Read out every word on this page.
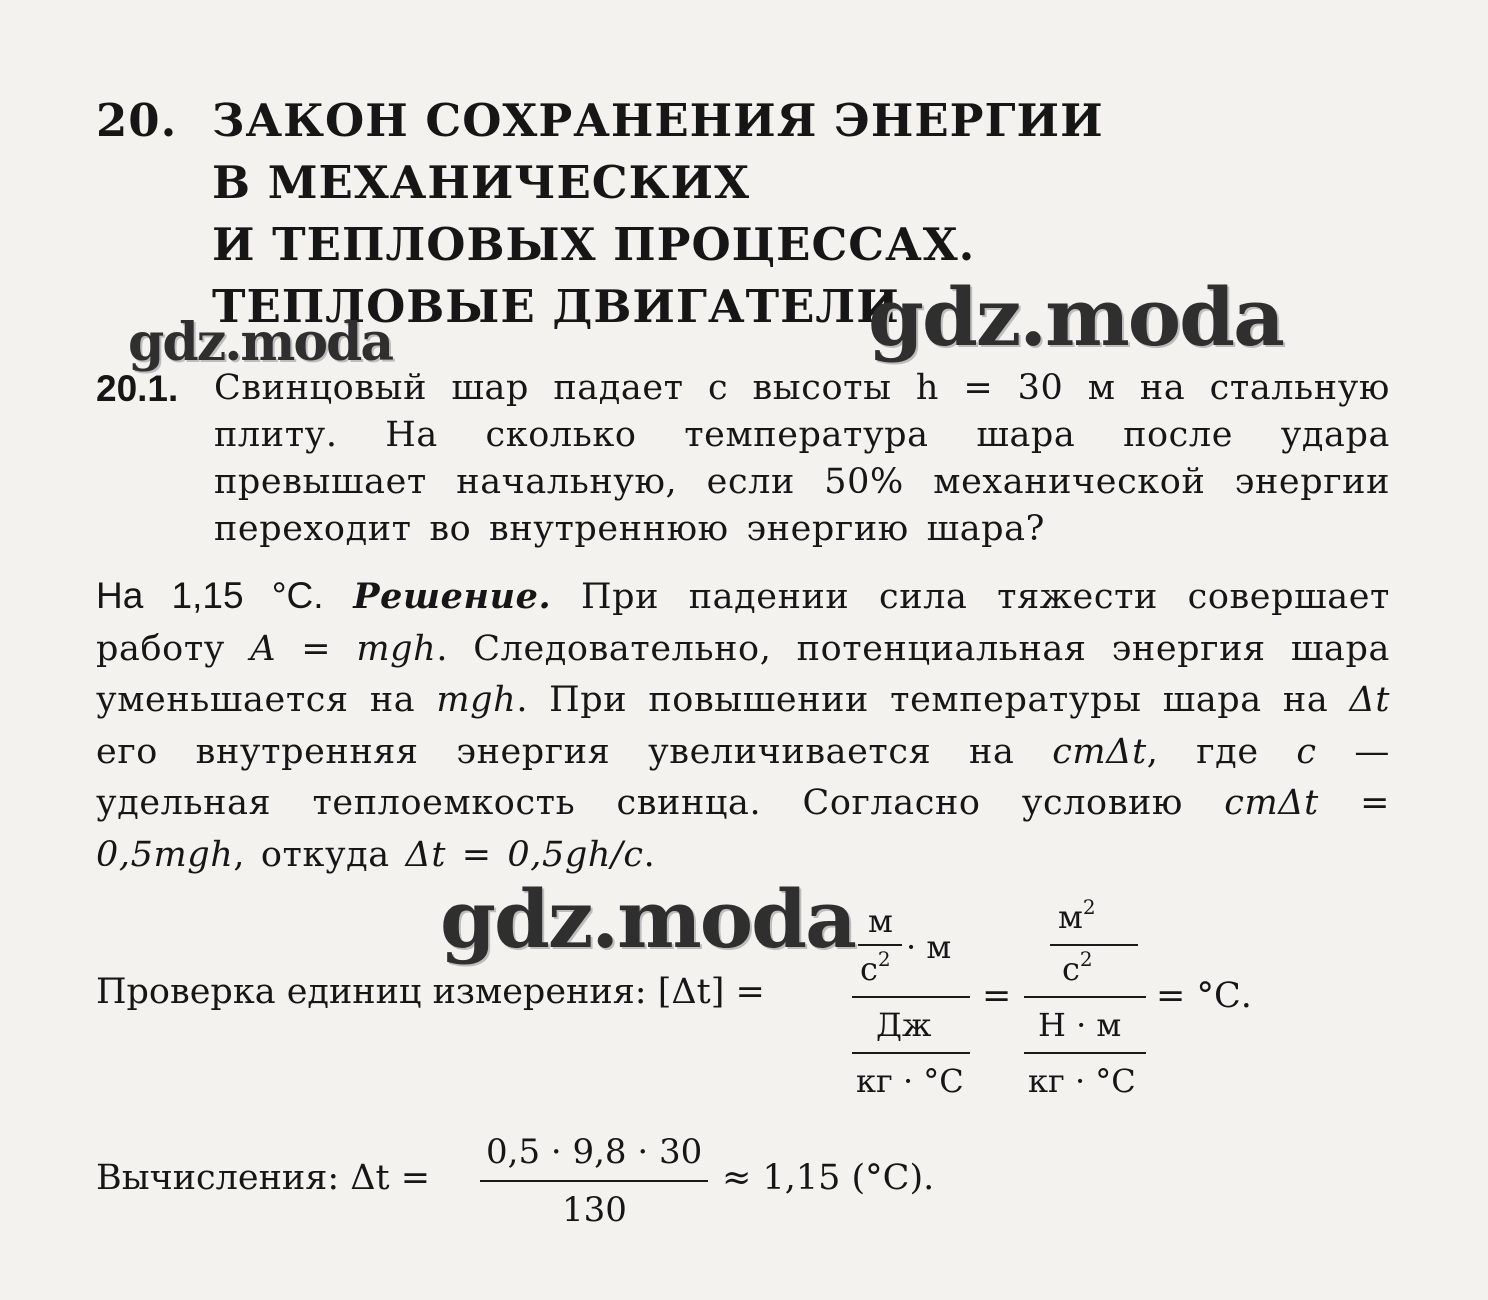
20. ЗАКОН СОХРАНЕНИЯ ЭНЕРГИИ
В МЕХАНИЧЕСКИХ
И ТЕПЛОВЫХ ПРОЦЕССАХ.
ТЕПЛОВЫЕ ДВИГАТЕЛИ
gdz.moda	gdz.moda
20.1. Свинцовый шар падает с высоты h = 30 м на стальную плиту. На сколько температура шара после удара превышает начальную, если 50% механической энергии переходит во внутреннюю энергию шара?
На 1,15 °С. Решение. При падении сила тяжести совершает работу A = mgh. Следовательно, потенциальная энергия шара уменьшается на mgh. При повышении температуры шара на Δt его внутренняя энергия увеличивается на cmΔt, где c — удельная теплоемкость свинца. Согласно условию cmΔt = 0,5mgh, откуда Δt = 0,5gh/c.
gdz.moda
Проверка единиц измерения: [Δt] =
м
$с^2 \cdot м$
Дж
кг · °С
=
$м^2$
$с^2$
Н · м
кг · °С
= °С.
Вычисления: Δt =
0,5 · 9,8 · 30
130
≈ 1,15 (°С).
